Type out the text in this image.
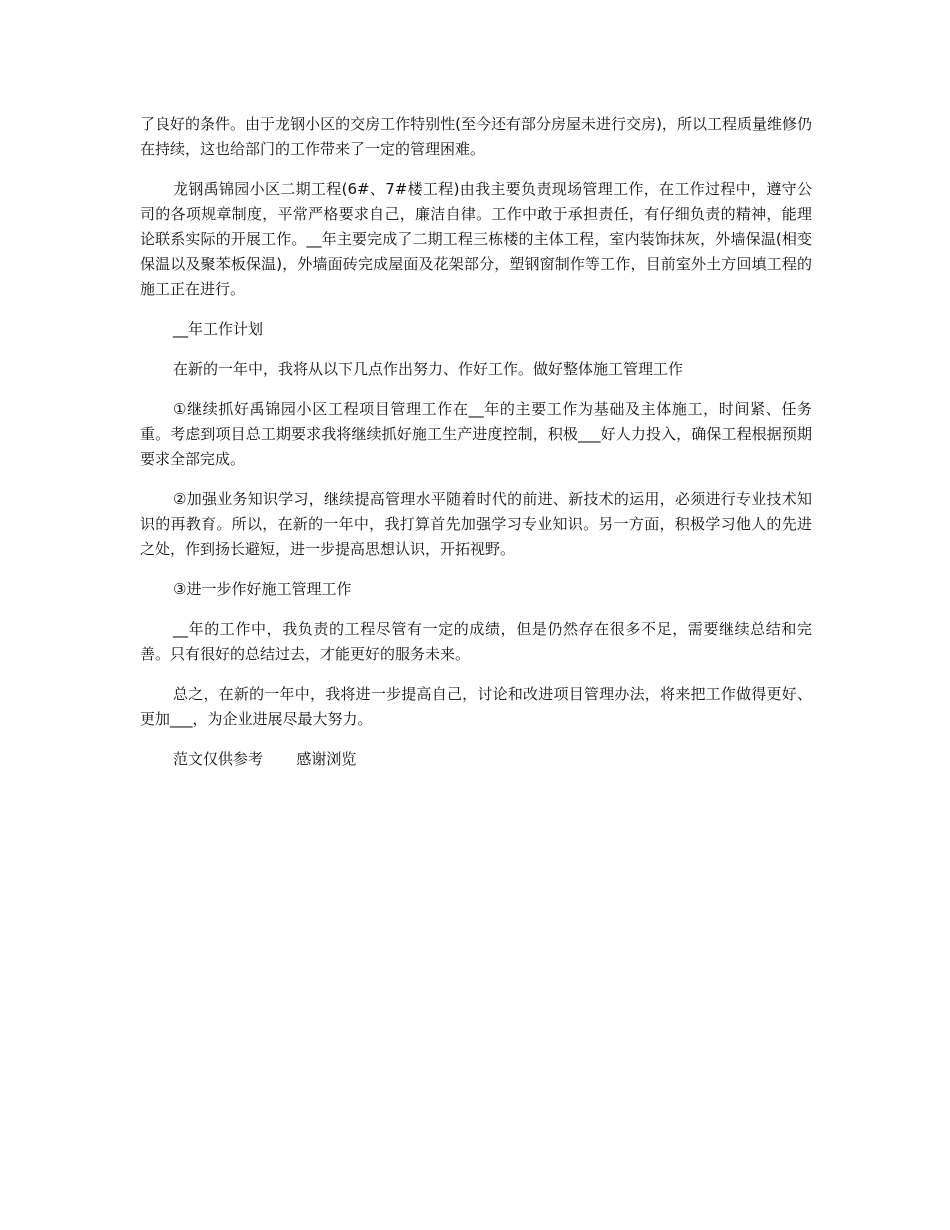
了良好的条件。由于龙钢小区的交房工作特别性(至今还有部分房屋未进行交房)，所以工程质量维修仍在持续，这也给部门的工作带来了一定的管理困难。

龙钢禹锦园小区二期工程(6#、7#楼工程)由我主要负责现场管理工作，在工作过程中，遵守公司的各项规章制度，平常严格要求自己，廉洁自律。工作中敢于承担责任，有仔细负责的精神，能理论联系实际的开展工作。__年主要完成了二期工程三栋楼的主体工程，室内装饰抹灰，外墙保温(相变保温以及聚苯板保温)，外墙面砖完成屋面及花架部分，塑钢窗制作等工作，目前室外土方回填工程的施工正在进行。

__年工作计划

在新的一年中，我将从以下几点作出努力、作好工作。做好整体施工管理工作

①继续抓好禹锦园小区工程项目管理工作在__年的主要工作为基础及主体施工，时间紧、任务重。考虑到项目总工期要求我将继续抓好施工生产进度控制，积极___好人力投入，确保工程根据预期要求全部完成。

②加强业务知识学习，继续提高管理水平随着时代的前进、新技术的运用，必须进行专业技术知识的再教育。所以，在新的一年中，我打算首先加强学习专业知识。另一方面，积极学习他人的先进之处，作到扬长避短，进一步提高思想认识，开拓视野。

③进一步作好施工管理工作

__年的工作中，我负责的工程尽管有一定的成绩，但是仍然存在很多不足，需要继续总结和完善。只有很好的总结过去，才能更好的服务未来。

总之，在新的一年中，我将进一步提高自己，讨论和改进项目管理办法，将来把工作做得更好、更加___，为企业进展尽最大努力。

范文仅供参考 感谢浏览
